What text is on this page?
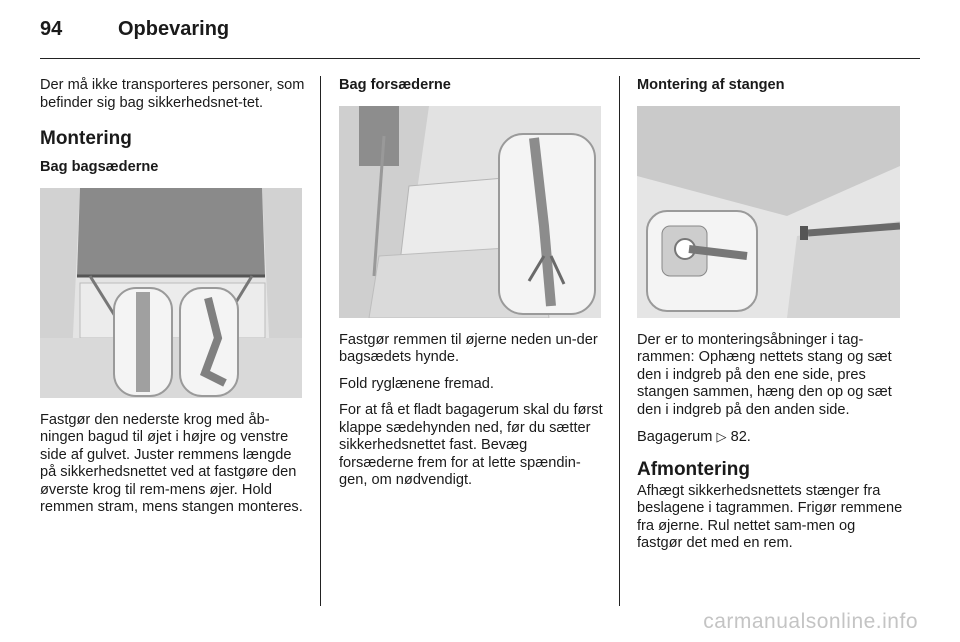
94	Opbevaring

Der må ikke transporteres personer, som befinder sig bag sikkerhedsnet-tet.

Montering

Bag bagsæderne

Fastgør den nederste krog med åb-ningen bagud til øjet i højre og venstre side af gulvet. Juster remmens længde på sikkerhedsnettet ved at fastgøre den øverste krog til rem-mens øjer. Hold remmen stram, mens stangen monteres.

Bag forsæderne

Fastgør remmen til øjerne neden un-der bagsædets hynde.

Fold ryglænene fremad.

For at få et fladt bagagerum skal du først klappe sædehynden ned, før du sætter sikkerhedsnettet fast. Bevæg forsæderne frem for at lette spændin-gen, om nødvendigt.

Montering af stangen

Der er to monteringsåbninger i tag-rammen: Ophæng nettets stang og sæt den i indgreb på den ene side, pres stangen sammen, hæng den op og sæt den i indgreb på den anden side.

Bagagerum ▷ 82.

Afmontering

Afhægt sikkerhedsnettets stænger fra beslagene i tagrammen. Frigør remmene fra øjerne. Rul nettet sam-men og fastgør det med en rem.

carmanualsonline.info
